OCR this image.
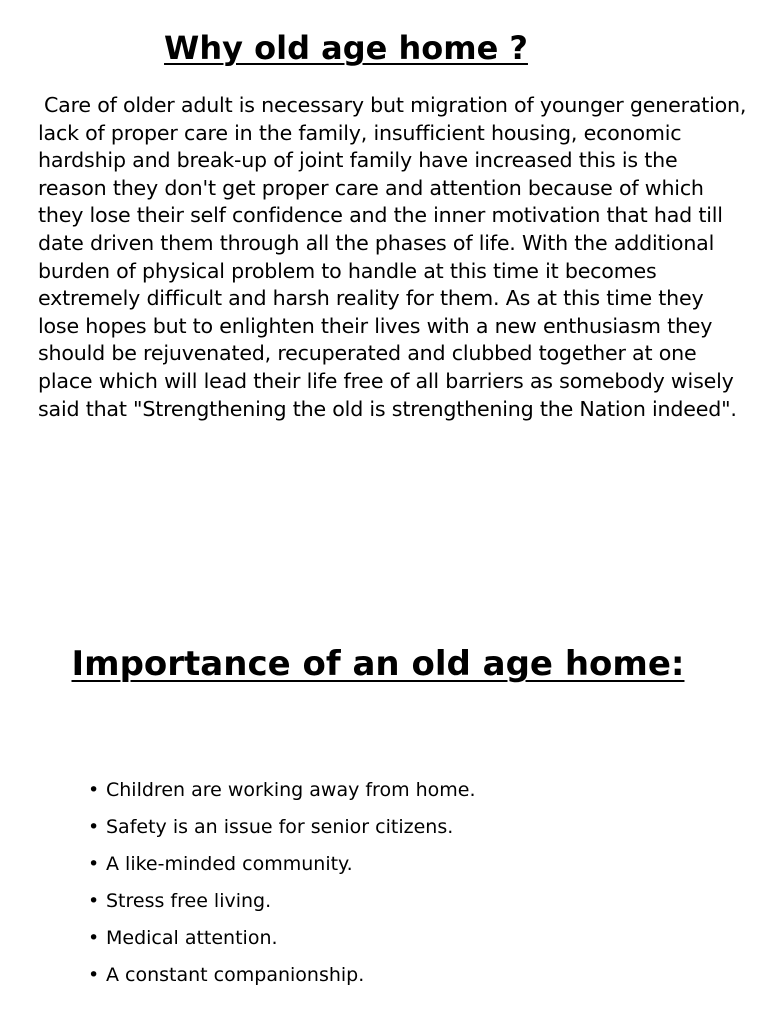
Why old age home ?

Care of older adult is necessary but migration of younger generation, lack of proper care in the family, insufficient housing, economic hardship and break-up of joint family have increased this is the reason they don't get proper care and attention because of which they lose their self confidence and the inner motivation that had till date driven them through all the phases of life. With the additional burden of physical problem to handle at this time it becomes extremely difficult and harsh reality for them. As at this time they lose hopes but to enlighten their lives with a new enthusiasm they should be rejuvenated, recuperated and clubbed together at one place which will lead their life free of all barriers as somebody wisely said that "Strengthening the old is strengthening the Nation indeed".

Importance of an old age home:
• Children are working away from home.
• Safety is an issue for senior citizens.
• A like-minded community.
• Stress free living.
• Medical attention.
• A constant companionship.
